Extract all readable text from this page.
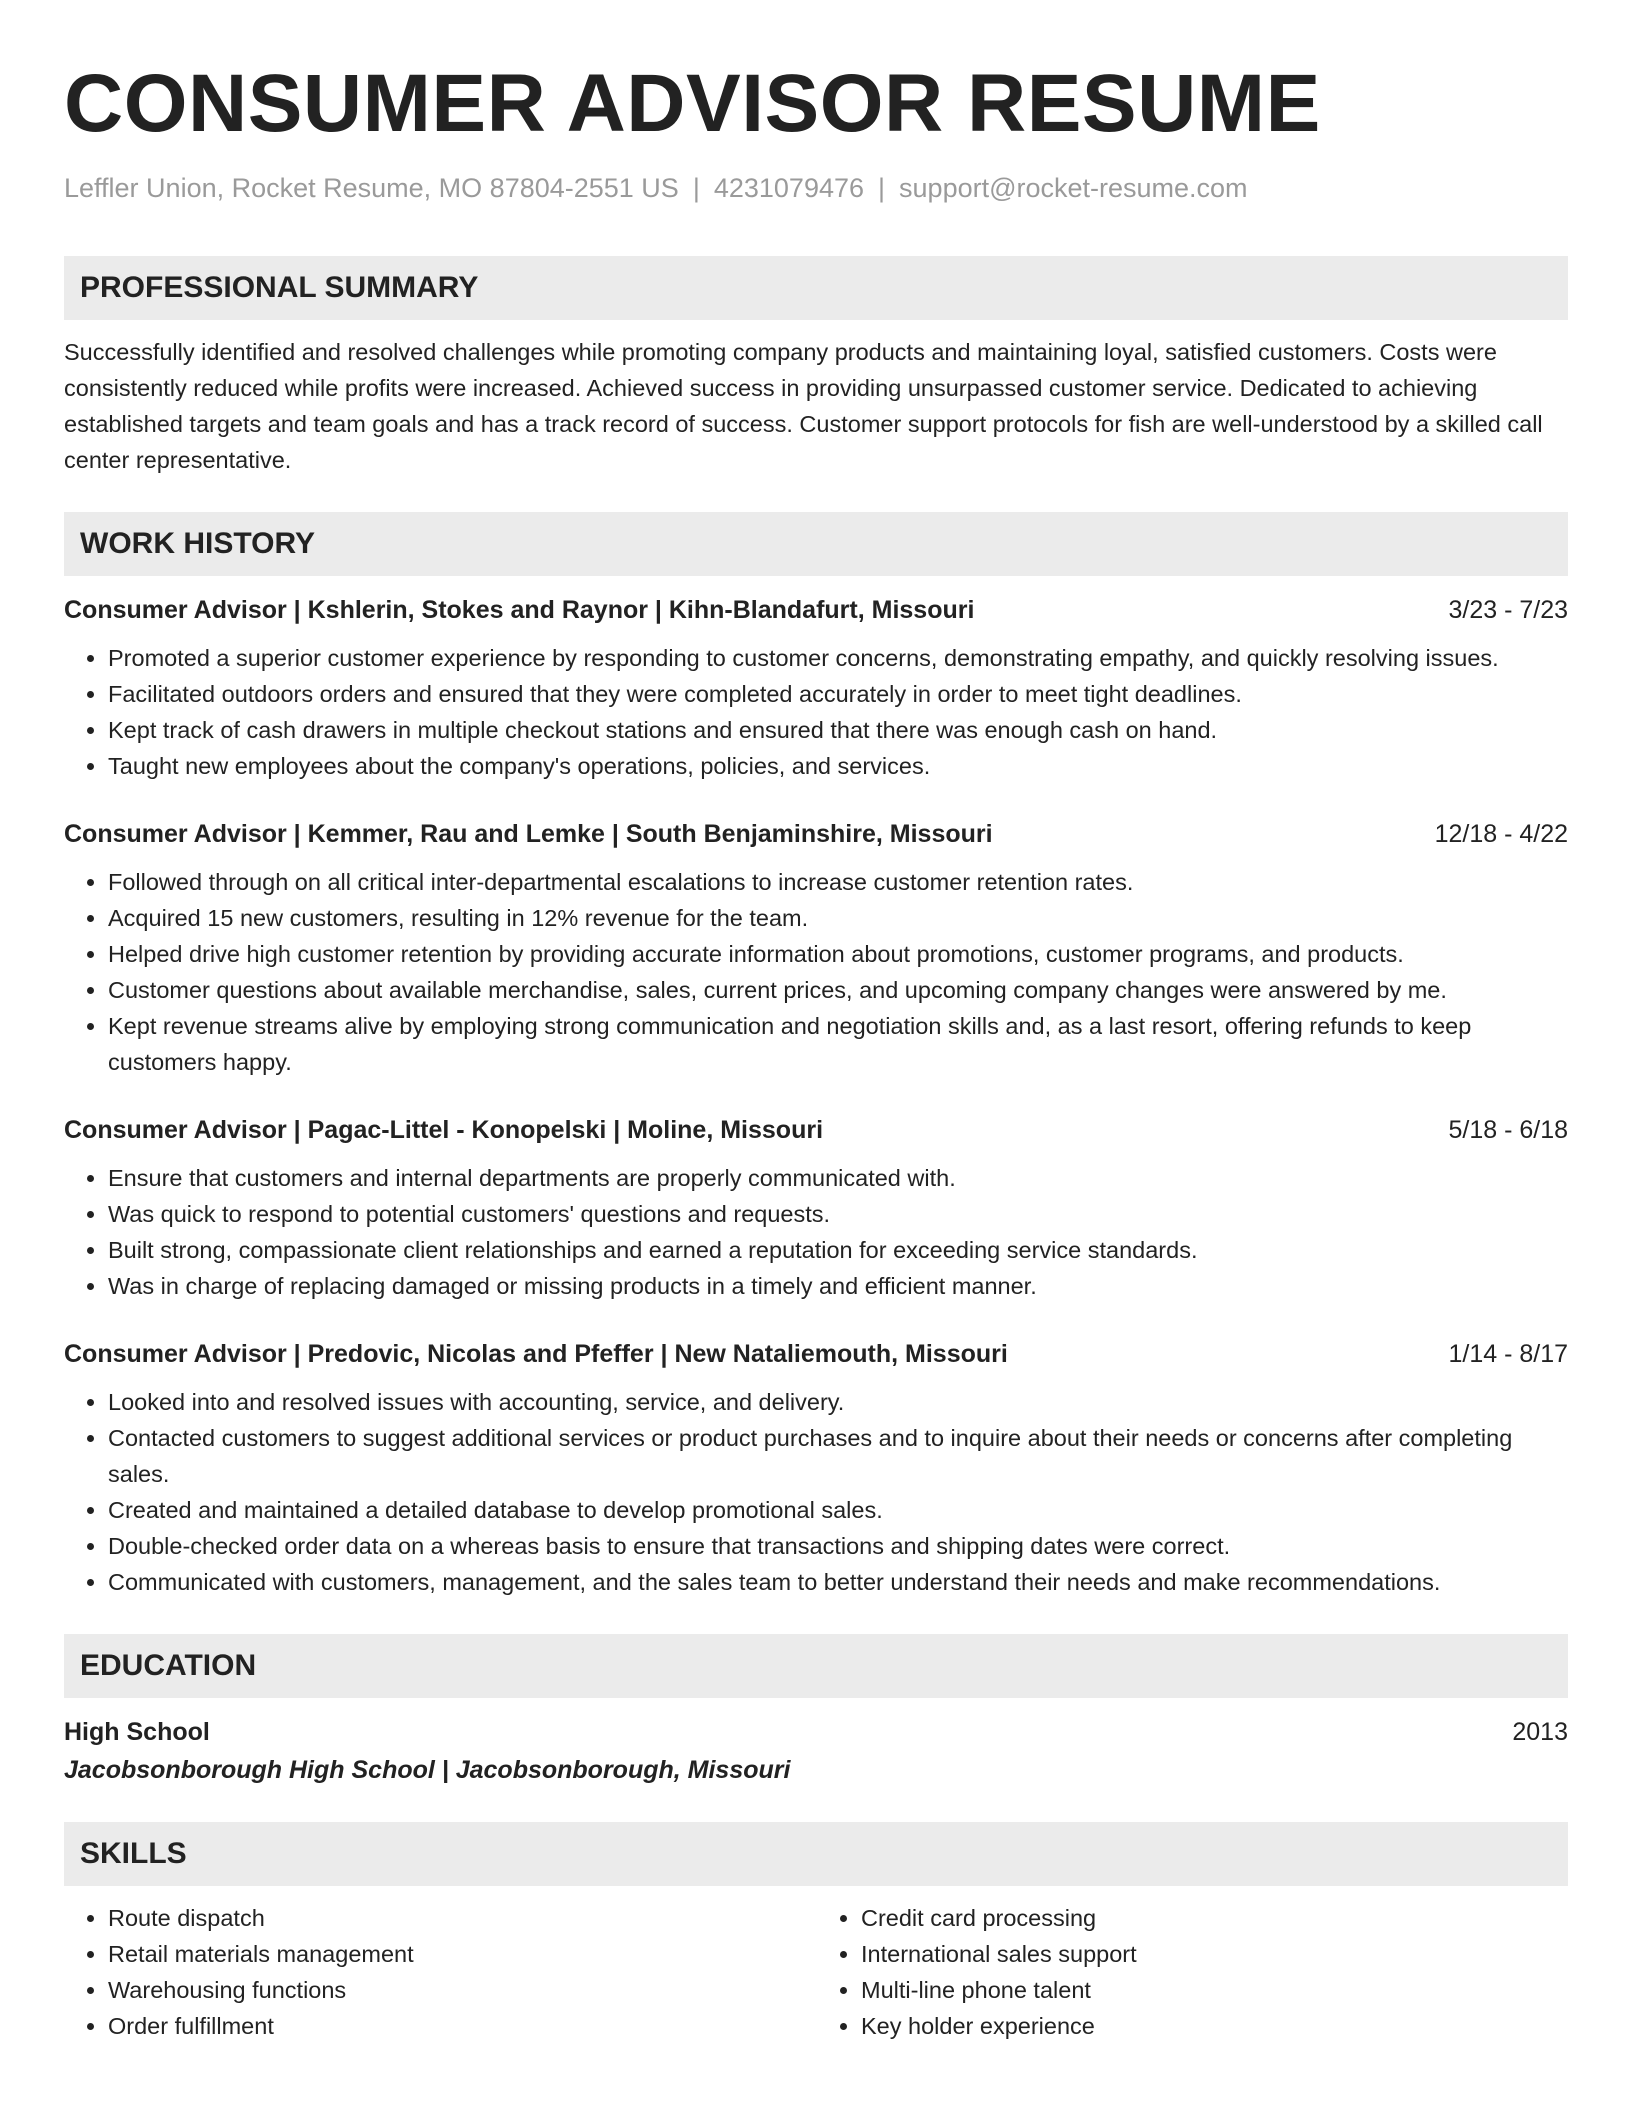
CONSUMER ADVISOR RESUME
Leffler Union, Rocket Resume, MO 87804-2551 US | 4231079476 | support@rocket-resume.com
PROFESSIONAL SUMMARY

Successfully identified and resolved challenges while promoting company products and maintaining loyal, satisfied customers. Costs were consistently reduced while profits were increased. Achieved success in providing unsurpassed customer service. Dedicated to achieving established targets and team goals and has a track record of success. Customer support protocols for fish are well-understood by a skilled call center representative.

WORK HISTORY
Consumer Advisor | Kshlerin, Stokes and Raynor | Kihn-Blandafurt, Missouri	3/23 - 7/23
• Promoted a superior customer experience by responding to customer concerns, demonstrating empathy, and quickly resolving issues.
• Facilitated outdoors orders and ensured that they were completed accurately in order to meet tight deadlines.
• Kept track of cash drawers in multiple checkout stations and ensured that there was enough cash on hand.
• Taught new employees about the company's operations, policies, and services.
Consumer Advisor | Kemmer, Rau and Lemke | South Benjaminshire, Missouri	12/18 - 4/22
• Followed through on all critical inter-departmental escalations to increase customer retention rates.
• Acquired 15 new customers, resulting in 12% revenue for the team.
• Helped drive high customer retention by providing accurate information about promotions, customer programs, and products.
• Customer questions about available merchandise, sales, current prices, and upcoming company changes were answered by me.
• Kept revenue streams alive by employing strong communication and negotiation skills and, as a last resort, offering refunds to keep customers happy.
Consumer Advisor | Pagac-Littel - Konopelski | Moline, Missouri	5/18 - 6/18
• Ensure that customers and internal departments are properly communicated with.
• Was quick to respond to potential customers' questions and requests.
• Built strong, compassionate client relationships and earned a reputation for exceeding service standards.
• Was in charge of replacing damaged or missing products in a timely and efficient manner.
Consumer Advisor | Predovic, Nicolas and Pfeffer | New Nataliemouth, Missouri	1/14 - 8/17
• Looked into and resolved issues with accounting, service, and delivery.
• Contacted customers to suggest additional services or product purchases and to inquire about their needs or concerns after completing sales.
• Created and maintained a detailed database to develop promotional sales.
• Double-checked order data on a whereas basis to ensure that transactions and shipping dates were correct.
• Communicated with customers, management, and the sales team to better understand their needs and make recommendations.
EDUCATION
High School	2013
Jacobsonborough High School | Jacobsonborough, Missouri
SKILLS
• Route dispatch
• Retail materials management
• Warehousing functions
• Order fulfillment
• Credit card processing
• International sales support
• Multi-line phone talent
• Key holder experience
